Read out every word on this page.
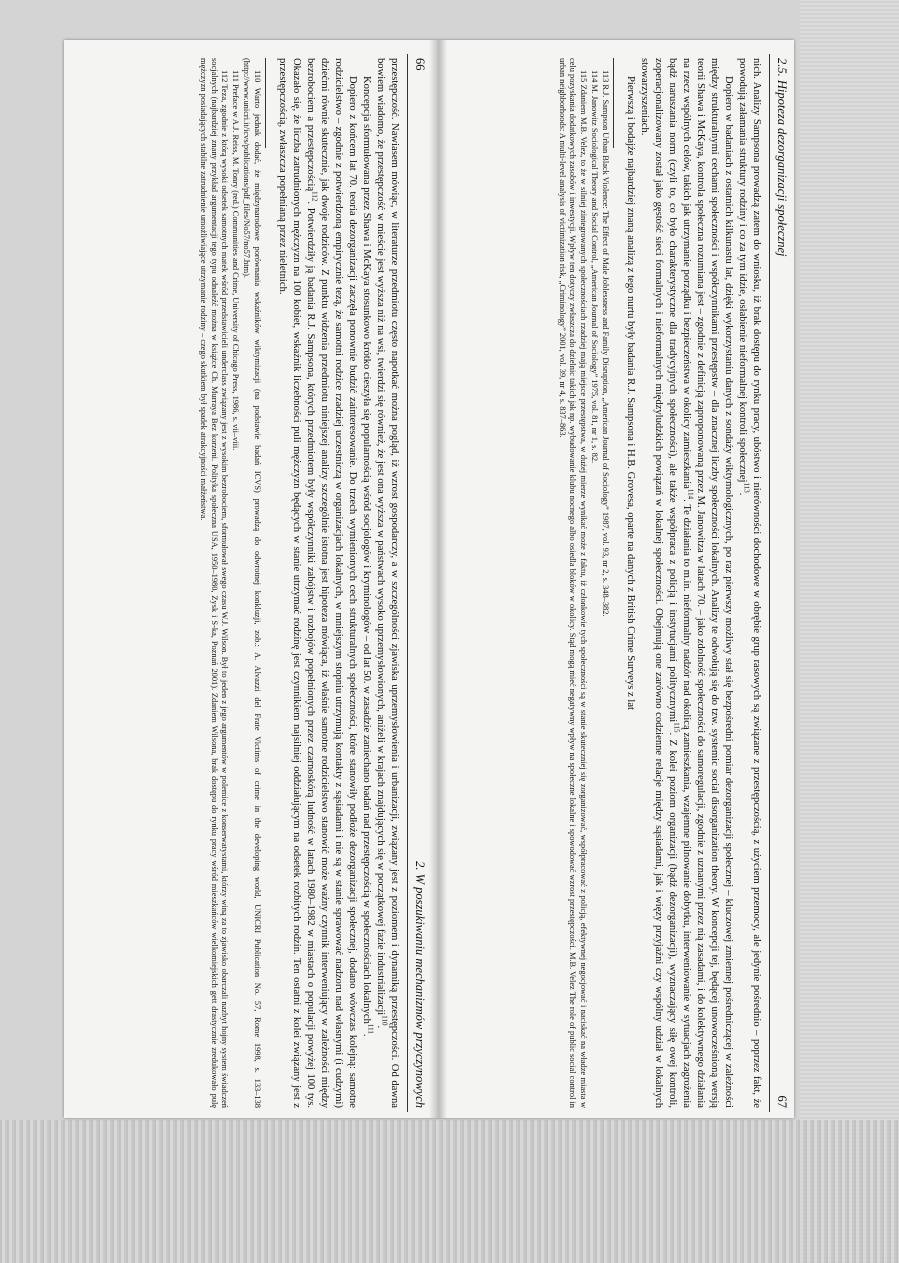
66
2. W poszukiwaniu mechanizmów przyczynowych

przestępczość. Nawiasem mówiąc, w literaturze przedmiotu często napotkać można pogląd, iż wzrost gospodarczy, a w szczególności zjawiska uprzemysłowienia i urbanizacji, związany jest z poziomem i dynamiką przestępczości. Od dawna bowiem wiadomo, że przestępczość w mieście jest wyższa niż na wsi, twierdzi się również, że jest ona wyższa w państwach wysoko uprzemysłowionych, aniżeli w krajach znajdujących się w początkowej fazie industrializacji$^{110}$.

Koncepcja sformułowana przez Shawa i McKaya stosunkowo krótko cieszyła się popularnością wśród socjologów i kryminologów – od lat 50. w zasadzie zaniechano badań nad przestępczością w społecznościach lokalnych$^{111}$.

Dopiero z końcem lat 70. teoria dezorganizacji zaczęła ponownie budzić zainteresowanie. Do trzech wymienionych cech strukturalnych społeczności, które stanowiły podłoże dezorganizacji społecznej, dodano wówczas kolejną: samotne rodzicielstwo – zgodnie z potwierdzoną empirycznie tezą, że samotni rodzice rzadziej uczestniczą w organizacjach lokalnych, w mniejszym stopniu utrzymują kontakty z sąsiadami i nie są w stanie sprawować nadzoru nad własnymi (i cudzymi) dziećmi równie skutecznie, jak dwoje rodziców. Z punktu widzenia przedmiotu niniejszej analizy szczególnie istotna jest hipoteza mówiąca, iż właśnie samotne rodzicielstwo stanowić może ważny czynnik interweniujący w zależności między bezrobociem a przestępczością$^{112}$. Potwierdziły ją badania R.J. Sampsona, których przedmiotem były współczynniki zabójstw i rozbojów popełnionych przez czarnoskórą ludność w latach 1980–1982 w miastach o populacji powyżej 100 tys. Okazało się, że liczba zatrudnionych mężczyzn na 100 kobiet, wskaźnik liczebności puli mężczyzn będących w stanie utrzymać rodzinę jest czynnikiem najsilniej oddziałującym na odsetek rozbitych rodzin. Ten ostatni z kolei związany jest z przestępczością, zwłaszcza popełnianą przez nieletnich.

110 Warto jednak dodać, że międzynarodowe porównania wskaźników wiktymizacji (na podstawie badań ICVS) prowadzą do odwrotnej konkluzji, zob.: A. Alvazzi del Frate Victims of crime in the developing world, UNICRI Publication No. 57, Rome 1998, s. 133–138 (http://www.unicri.it/icvs/publications/pdf_files/No57/no57.htm).

111 Preface w A.J. Reiss, M. Tonry (red.) Communities and Crime, University of Chicago Press, 1986, s. vii–viii.

112 Teza, zgodnie z którą wysoki odsetek samotnych matek wśród przedstawicieli underclass związany jest z wysokim bezrobociem, sformułował swego czasu W.J. Wilson. Był to jeden z jego argumentów w polemice z konserwatystami, którzy winą za to zjawisko obarczali nazbyt hojny system świadczeń socjalnych (najbardziej znany przykład argumentacji tego typu odnaleźć można w książce Ch. Murraya Bez korzeni. Polityka społeczna USA, 1950–1980, Zysk i S-ka, Poznań 2001). Zdaniem Wilsona, brak dostępu do rynku pracy wśród mieszkańców wielkomiejskich gett drastycznie zredukowało pulę mężczyzn posiadających stabilne zatrudnienie umożliwiające utrzymanie rodziny – czego skutkiem był spadek atrakcyjności małżeństwa.	2.5. Hipoteza dezorganizacji społecznej
67

nich. Analizy Sampsona prowadzą zatem do wniosku, iż brak dostępu do rynku pracy, ubóstwo i nierówności dochodowe w obrębie grup rasowych są związane z przestępczością, z użyciem przemocy, ale jedynie pośrednio – poprzez fakt, że powodują załamania struktury rodziny i co za tym idzie, osłabienie nieformalnej kontroli społecznej$^{113}$.

Dopiero w badaniach z ostatnich kilkunastu lat, dzięki wykorzystaniu danych z sondaży wiktymologicznych, po raz pierwszy możliwy stał się bezpośredni pomiar dezorganizacji społecznej – kluczowej zmiennej pośredniczącej w zależności między strukturalnymi cechami społeczności i współczynnikami przestępstw – dla znacznej liczby społeczności lokalnych. Analizy te odwołują się do tzw. systemic social disorganization theory. W koncepcji tej, będącej unowocześnioną wersją teorii Shawa i McKaya, kontrola społeczna rozumiana jest – zgodnie z definicją zaproponowaną przez M. Janowitza w latach 70. – jako zdolność społeczności do samoregulacji, zgodnie z uznanymi przez nią zasadami, i do kolektywnego działania na rzecz wspólnych celów, takich jak utrzymanie porządku i bezpieczeństwa w okolicy zamieszkania$^{114}$. Te działania to m.in. nieformalny nadzór nad okolicą zamieszkania, wzajemne pilnowanie dobytku, interweniowanie w sytuacjach zagrożenia bądź naruszania norm (czyli to, co było charakterystyczne dla tradycyjnych społeczności), ale także współpraca z policją i instytucjami politycznymi$^{115}$. Z kolei poziom organizacji (bądź dezorganizacji), wyznaczający siłę owej kontroli, zoperacjonalizowany został jako gęstość sieci formalnych i nieformalnych międzyludzkich powiązań w lokalnej społeczności. Obejmują one zarówno codzienne relacje między sąsiadami, jak i więzy przyjaźni czy wspólny udział w lokalnych stowarzyszeniach.

Pierwszą i bodajże najbardziej znaną analizą z tego nurtu były badania R.J. Sampsona i H.B. Grovesa, oparte na danych z British Crime Surveys z lat

113 R.J. Sampson Urban Black Violence: The Effect of Male Joblessness and Family Disruption, „American Journal of Sociology” 1987, vol. 93, nr 2, s. 348–382.

114 M. Janowitz Sociological Theory and Social Control, „American Journal of Sociology” 1975, vol. 81, nr 1, s. 82.

115 Zdaniem M.B. Velez, to że w silniej zintegrowanych społecznościach rzadziej mają miejsce przestępstwa, w dużej mierze wynikać może z faktu, iż członkowie tych społeczności są w stanie skuteczniej się zorganizować, współpracować z policją, efektywnej negocjować i naciskać na władze miasta w celu pozyskania dodatkowych zasobów i inwestycji. Wpływ ten dotyczy zwłaszcza do dzielnic takich jak np. wybudowanie klubu nocnego albo osiedla bloków w okolicy. Stąd mogą mieć negatywny wpływ na społeczne lokalne i spowodować wzrost przestępczości. M.B. Velez The role of public social control in urban neighborhoods: A multi-level analysis of victimization risk, „Criminology” 2001, vol. 39, nr 4, s. 837–863.
